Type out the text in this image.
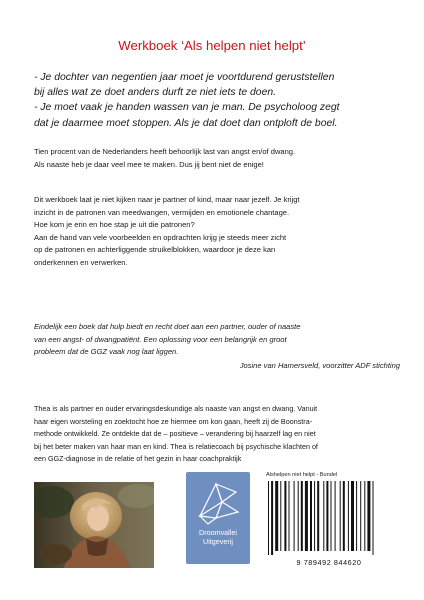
Werkboek ‘Als helpen niet helpt’

- Je dochter van negentien jaar moet je voortdurend geruststellen

bij alles wat ze doet anders durft ze niet iets te doen.

- Je moet vaak je handen wassen van je man. De psycholoog zegt

dat je daarmee moet stoppen. Als je dat doet dan ontploft de boel.

Tien procent van de Nederlanders heeft behoorlijk last van angst en/of dwang.

Als naaste heb je daar veel mee te maken. Dus jij bent niet de enige!

Dit werkboek laat je niet kijken naar je partner of kind, maar naar jezelf. Je krijgt

inzicht in de patronen van meedwangen, vermijden en emotionele chantage.

Hoe kom je erin en hoe stap je uit die patronen?

Aan de hand van vele voorbeelden en opdrachten krijg je steeds meer zicht

op de patronen en achterliggende struikelblokken, waardoor je deze kan

onderkennen en verwerken.

Eindelijk een boek dat hulp biedt en recht doet aan een partner, ouder of naaste

van een angst- of dwangpatiënt. Een oplossing voor een belangrijk en groot

probleem dat de GGZ vaak nog laat liggen.

Josine van Hamersveld, voorzitter ADF stichting

Thea is als partner en ouder ervaringsdeskundige als naaste van angst en dwang. Vanuit

haar eigen worsteling en zoektocht hoe ze hiermee om kon gaan, heeft zij de Boonstra-

methode ontwikkeld. Ze ontdekte dat de – positieve – verandering bij haarzelf lag en niet

bij het beter maken van haar man en kind. Thea is relatiecoach bij psychische klachten of

een GGZ-diagnose in de relatie of het gezin in haar coachpraktijk

Droomvallei
Uitgeverij
Alshelpen niet helpt - Bundel
9 789492 844620
